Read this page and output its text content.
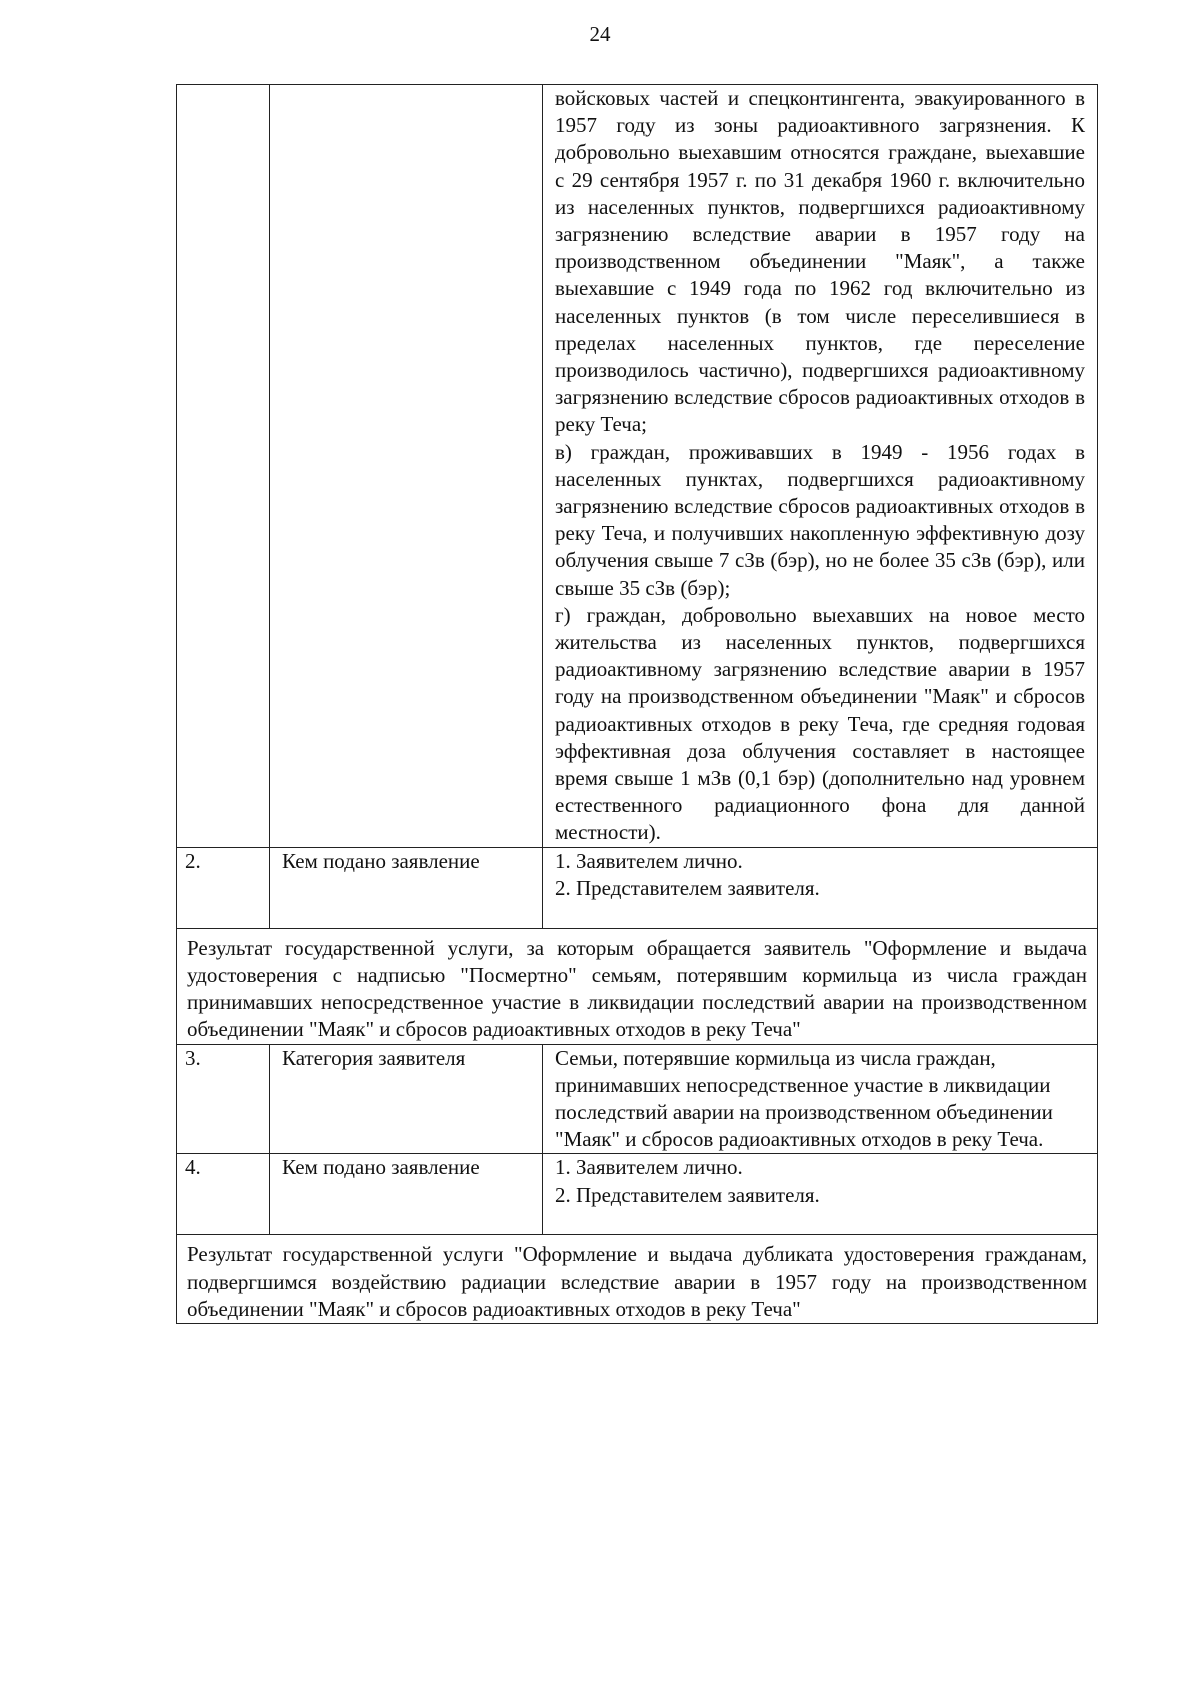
24

		войсковых частей и спецконтингента, эвакуированного в 1957 году из зоны радиоактивного загрязнения. К добровольно выехавшим относятся граждане, выехавшие с 29 сентября 1957 г. по 31 декабря 1960 г. включительно из населенных пунктов, подвергшихся радиоактивному загрязнению вследствие аварии в 1957 году на производственном объединении "Маяк", а также выехавшие с 1949 года по 1962 год включительно из населенных пунктов (в том числе переселившиеся в пределах населенных пунктов, где переселение производилось частично), подвергшихся радиоактивному загрязнению вследствие сбросов радиоактивных отходов в реку Теча;
в) граждан, проживавших в 1949 - 1956 годах в населенных пунктах, подвергшихся радиоактивному загрязнению вследствие сбросов радиоактивных отходов в реку Теча, и получивших накопленную эффективную дозу облучения свыше 7 сЗв (бэр), но не более 35 сЗв (бэр), или свыше 35 сЗв (бэр);
г) граждан, добровольно выехавших на новое место жительства из населенных пунктов, подвергшихся радиоактивному загрязнению вследствие аварии в 1957 году на производственном объединении "Маяк" и сбросов радиоактивных отходов в реку Теча, где средняя годовая эффективная доза облучения составляет в настоящее время свыше 1 мЗв (0,1 бэр) (дополнительно над уровнем естественного радиационного фона для данной местности).

2.	Кем подано заявление	1. Заявителем лично.
2. Представителем заявителя.

Результат государственной услуги, за которым обращается заявитель "Оформление и выдача удостоверения с надписью "Посмертно" семьям, потерявшим кормильца из числа граждан принимавших непосредственное участие в ликвидации последствий аварии на производственном объединении "Маяк" и сбросов радиоактивных отходов в реку Теча"		
3.	Категория заявителя	Семьи, потерявшие кормильца из числа граждан, принимавших непосредственное участие в ликвидации последствий аварии на производственном объединении "Маяк" и сбросов радиоактивных отходов в реку Теча.
4.	Кем подано заявление	1. Заявителем лично.
2. Представителем заявителя.

Результат государственной услуги "Оформление и выдача дубликата удостоверения гражданам, подвергшимся воздействию радиации вследствие аварии в 1957 году на производственном объединении "Маяк" и сбросов радиоактивных отходов в реку Теча"		
